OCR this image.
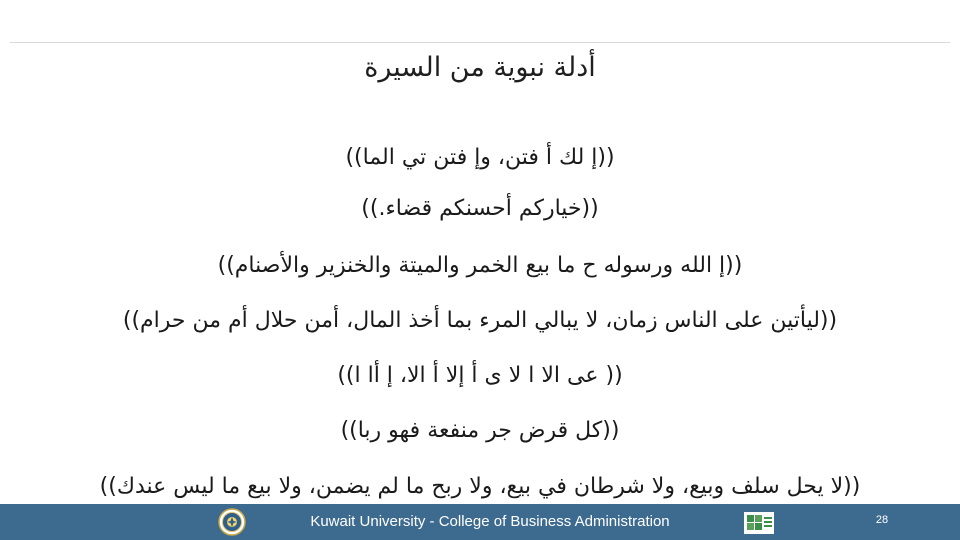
أدلة نبوية من السيرة
((إ لك أ فتن، وإ فتن تي الما))
((خياركم أحسنكم قضاء.))
((إ الله ورسوله ح ما بيع الخمر والميتة والخنزير والأصنام))
((ليأتين على الناس زمان، لا يبالي المرء بما أخذ المال، أمن حلال أم من حرام))
(( عى الا ا لا ى أ إلا أ الا، إ أا ا))
((كل قرض جر منفعة فهو ربا))
((لا يحل سلف وبيع، ولا شرطان في بيع، ولا ربح ما لم يضمن، ولا بيع ما ليس عندك))
Kuwait University - College of Business Administration	28
